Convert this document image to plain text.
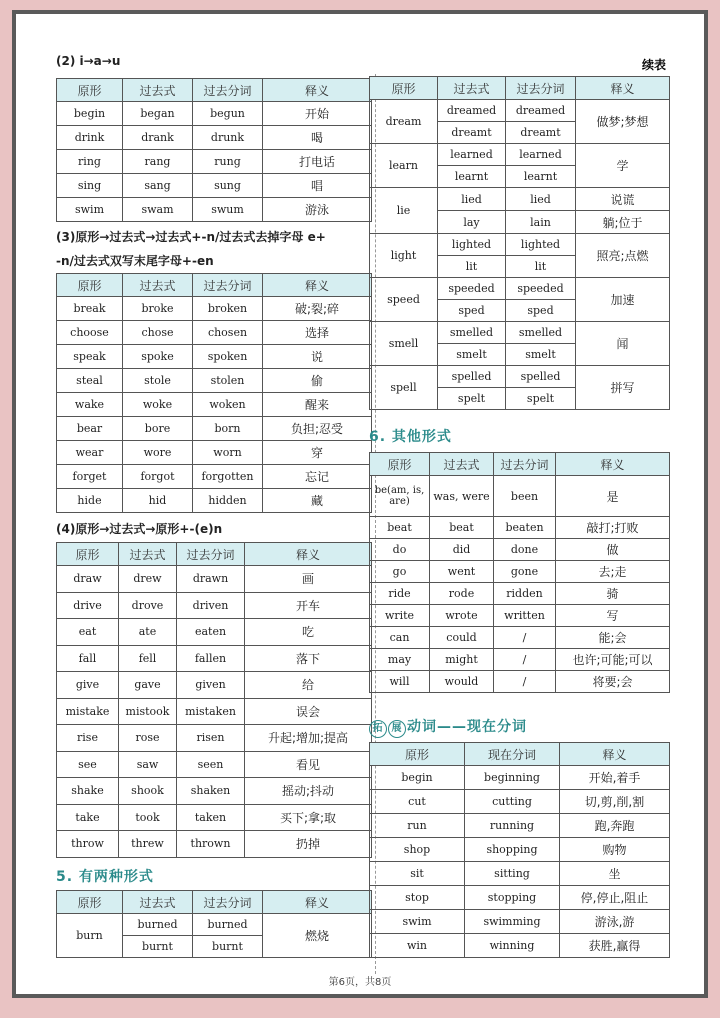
续表
(2) i→a→u
原形	过去式	过去分词	释义
begin	began	begun	开始
drink	drank	drunk	喝
ring	rang	rung	打电话
sing	sang	sung	唱
swim	swam	swum	游泳
(3)原形→过去式→过去式+-n/过去式去掉字母 e+
-n/过去式双写末尾字母+-en
原形	过去式	过去分词	释义
break	broke	broken	破;裂;碎
choose	chose	chosen	选择
speak	spoke	spoken	说
steal	stole	stolen	偷
wake	woke	woken	醒来
bear	bore	born	负担;忍受
wear	wore	worn	穿
forget	forgot	forgotten	忘记
hide	hid	hidden	藏
(4)原形→过去式→原形+-(e)n
原形	过去式	过去分词	释义
draw	drew	drawn	画
drive	drove	driven	开车
eat	ate	eaten	吃
fall	fell	fallen	落下
give	gave	given	给
mistake	mistook	mistaken	误会
rise	rose	risen	升起;增加;提高
see	saw	seen	看见
shake	shook	shaken	摇动;抖动
take	took	taken	买下;拿;取
throw	threw	thrown	扔掉
5. 有两种形式
原形	过去式	过去分词	释义
burn	burned	burned	燃烧
	burnt	burnt	
原形	过去式	过去分词	释义
dream	dreamed	dreamed	做梦;梦想
	dreamt	dreamt	
learn	learned	learned	学
	learnt	learnt	
lie	lied	lied	说谎
	lay	lain	躺;位于
light	lighted	lighted	照亮;点燃
	lit	lit	
speed	speeded	speeded	加速
	sped	sped	
smell	smelled	smelled	闻
	smelt	smelt	
spell	spelled	spelled	拼写
	spelt	spelt	
6. 其他形式
原形	过去式	过去分词	释义
be(am, is, are)	was, were	been	是
beat	beat	beaten	敲打;打败
do	did	done	做
go	went	gone	去;走
ride	rode	ridden	骑
write	wrote	written	写
can	could	/	能;会
may	might	/	也许;可能;可以
will	would	/	将要;会
拓 展 动词——现在分词
原形	现在分词	释义
begin	beginning	开始,着手
cut	cutting	切,剪,削,割
run	running	跑,奔跑
shop	shopping	购物
sit	sitting	坐
stop	stopping	停,停止,阻止
swim	swimming	游泳,游
win	winning	获胜,赢得
第6页，共8页
